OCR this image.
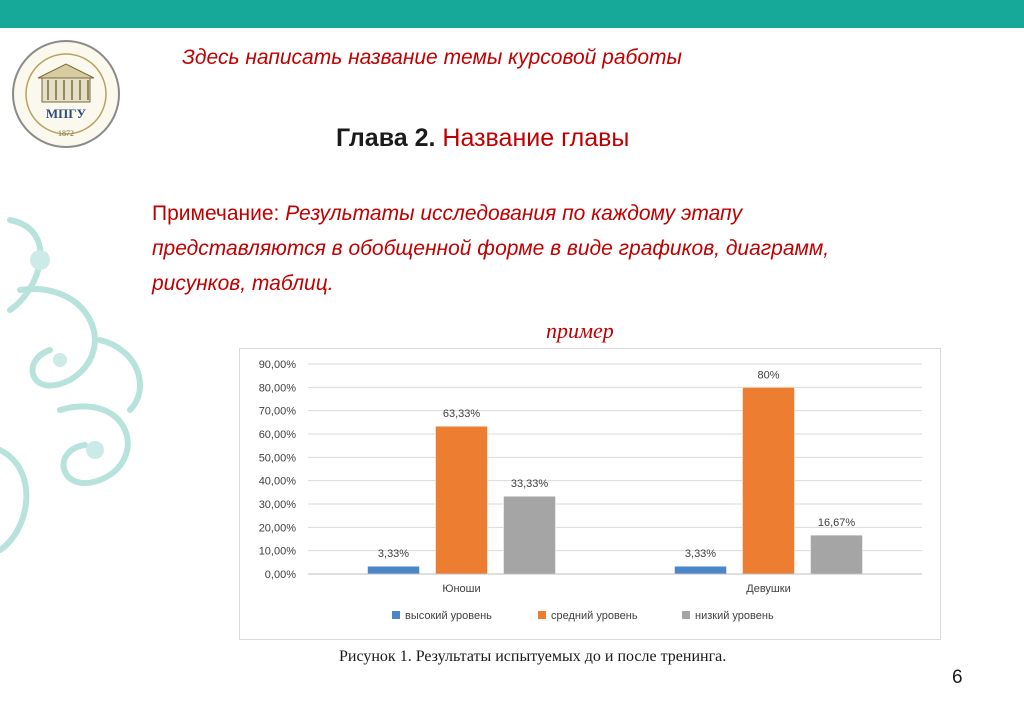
МПГУ
1872
Здесь написать название темы курсовой работы
Глава 2. Название главы
Примечание: Результаты исследования по каждому этапу представляются в обобщенной форме в виде графиков, диаграмм, рисунков, таблиц.
пример
0,00%
10,00%
20,00%
30,00%
40,00%
50,00%
60,00%
70,00%
80,00%
90,00%
3,33%
63,33%
33,33%
Юноши
3,33%
80%
16,67%
Девушки
высокий уровень	средний уровень	низкий уровень
Рисунок 1. Результаты испытуемых до и после тренинга.
6
